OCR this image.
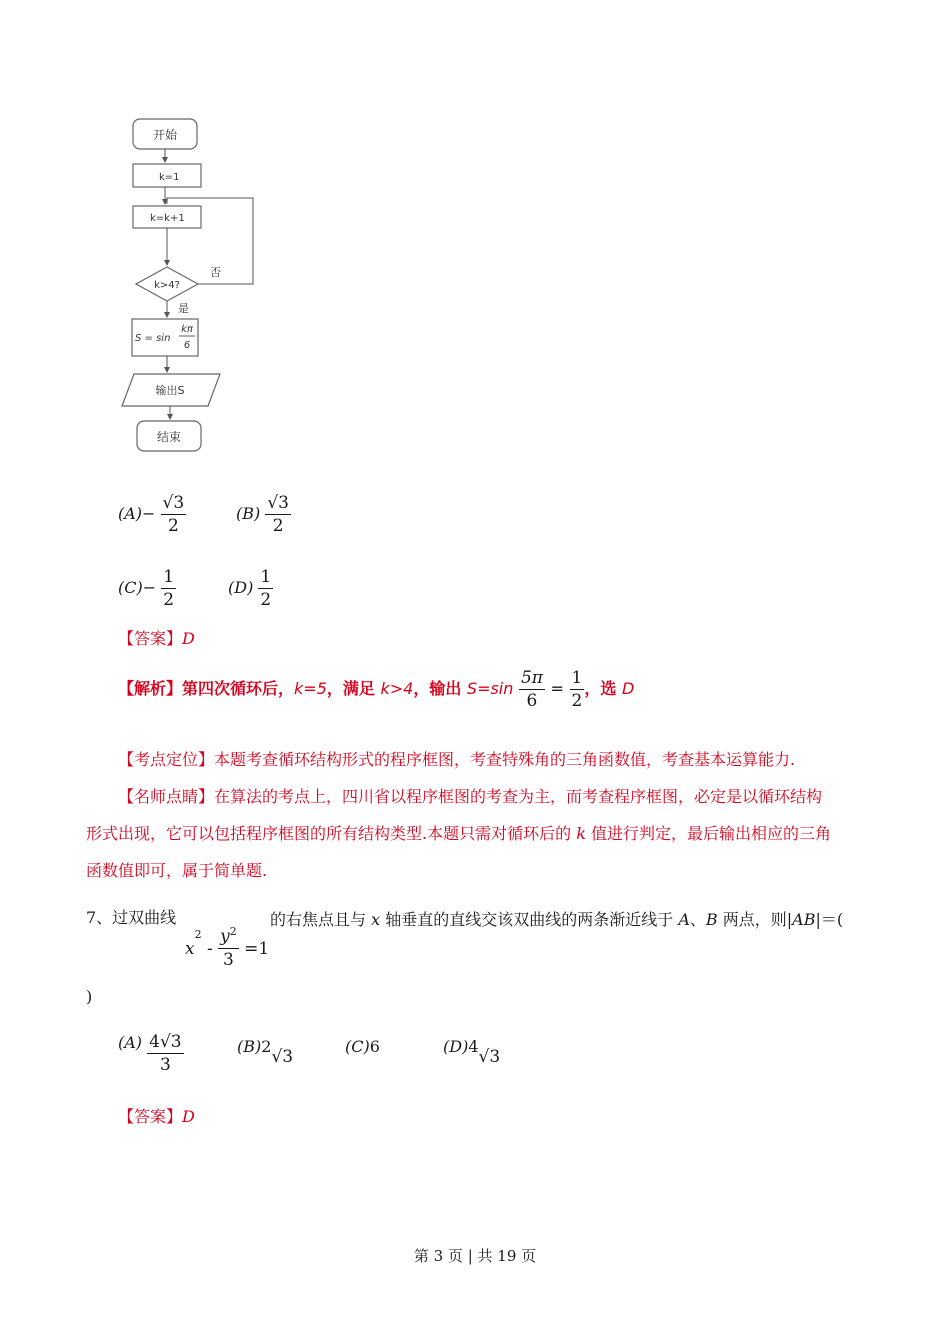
开始
k=1
k=k+1
k>4?
否
是
S = sin
kπ
6
输出S
结束
$(A)- \frac{√3}{2}$	$(B) \frac{√3}{2}$
$(C)- \frac{1}{2}$	$(D) \frac{1}{2}$
【答案】D
【解析】第四次循环后，k=5，满足 k>4，输出 $S=\sin \frac{5\pi}{6} = \frac{1}{2}$ ，选 D
【考点定位】本题考查循环结构形式的程序框图，考查特殊角的三角函数值，考查基本运算能力.
【名师点睛】在算法的考点上，四川省以程序框图的考查为主，而考查程序框图，必定是以循环结构
形式出现，它可以包括程序框图的所有结构类型.本题只需对循环后的 k 值进行判定，最后输出相应的三角
函数值即可，属于简单题.
7、过双曲线
$x^2 - \frac{y^2}{3} =1$
的右焦点且与 x 轴垂直的直线交该双曲线的两条渐近线于 A、B 两点，则|AB|＝(
)
$(A) \frac{4√3}{3}$	(B)2√3
(C)6	(D)4√3
【答案】D
第 3 页 | 共 19 页
